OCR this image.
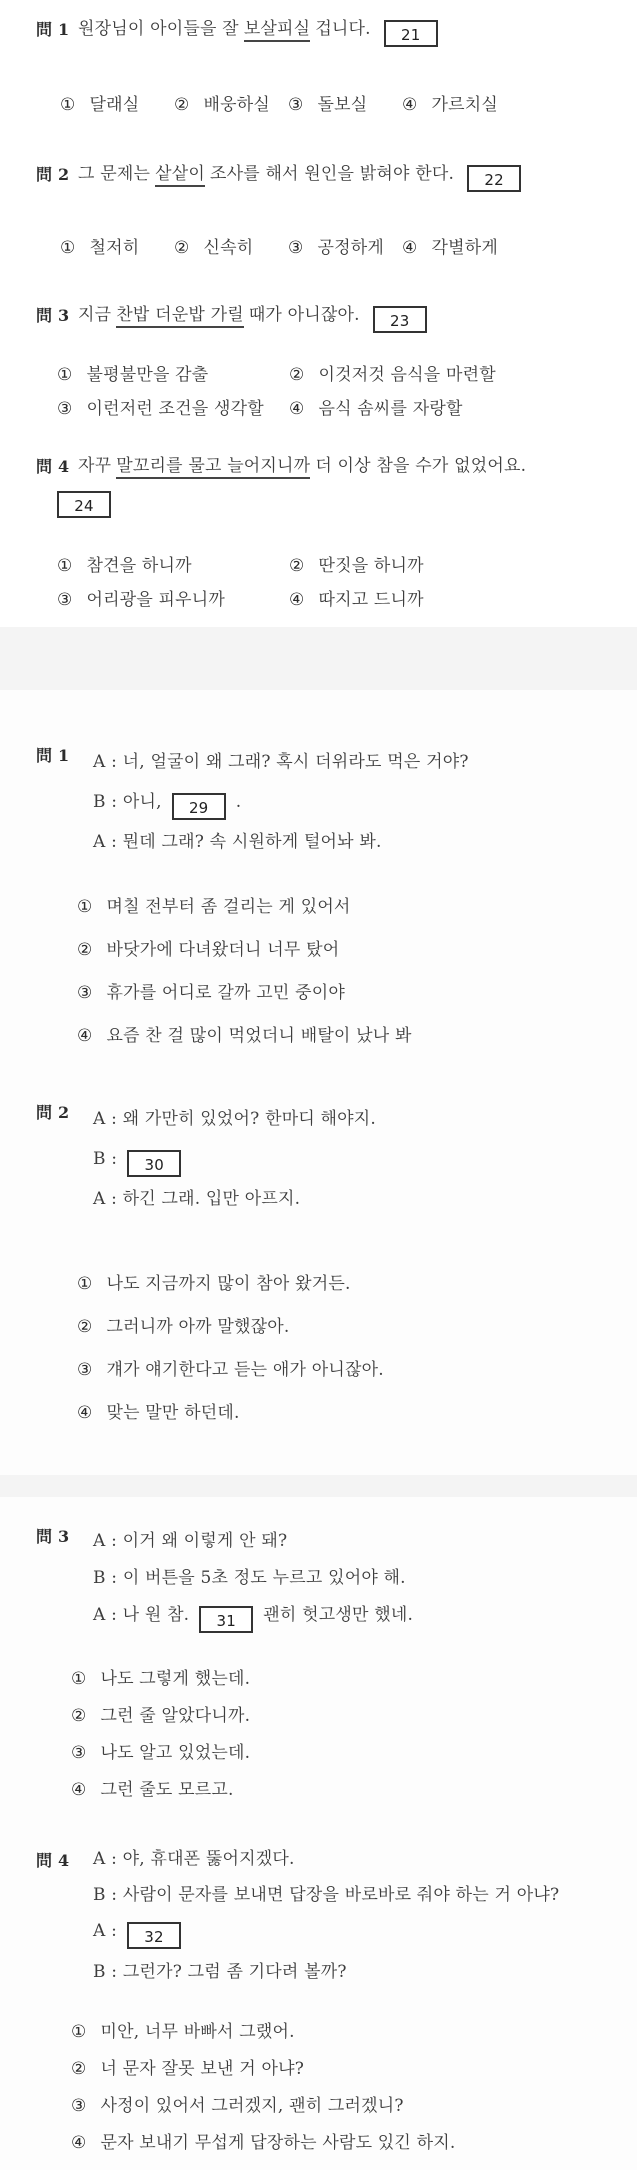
問 1 원장님이 아이들을 잘 보살피실 겁니다. 21
① 달래실	② 배웅하실	③ 돌보실	④ 가르치실
問 2 그 문제는 샅샅이 조사를 해서 원인을 밝혀야 한다. 22
① 철저히	② 신속히	③ 공정하게	④ 각별하게
問 3 지금 찬밥 더운밥 가릴 때가 아니잖아. 23
① 불평불만을 감출	② 이것저것 음식을 마련할
③ 이런저런 조건을 생각할	④ 음식 솜씨를 자랑할
問 4 자꾸 말꼬리를 물고 늘어지니까 더 이상 참을 수가 없었어요.
24
① 참견을 하니까	② 딴짓을 하니까
③ 어리광을 피우니까	④ 따지고 드니까
問 1	A : 너, 얼굴이 왜 그래? 혹시 더위라도 먹은 거야?
B : 아니, 29 .
A : 뭔데 그래? 속 시원하게 털어놔 봐.
① 며칠 전부터 좀 걸리는 게 있어서
② 바닷가에 다녀왔더니 너무 탔어
③ 휴가를 어디로 갈까 고민 중이야
④ 요즘 찬 걸 많이 먹었더니 배탈이 났나 봐
問 2	A : 왜 가만히 있었어? 한마디 해야지.
B : 30
A : 하긴 그래. 입만 아프지.
① 나도 지금까지 많이 참아 왔거든.
② 그러니까 아까 말했잖아.
③ 걔가 얘기한다고 듣는 애가 아니잖아.
④ 맞는 말만 하던데.
問 3	A : 이거 왜 이렇게 안 돼?
B : 이 버튼을 5초 정도 누르고 있어야 해.
A : 나 원 참. 31 괜히 헛고생만 했네.
① 나도 그렇게 했는데.
② 그런 줄 알았다니까.
③ 나도 알고 있었는데.
④ 그런 줄도 모르고.
問 4	A : 야, 휴대폰 뚫어지겠다.
B : 사람이 문자를 보내면 답장을 바로바로 줘야 하는 거 아냐?
A : 32
B : 그런가? 그럼 좀 기다려 볼까?
① 미안, 너무 바빠서 그랬어.
② 너 문자 잘못 보낸 거 아냐?
③ 사정이 있어서 그러겠지, 괜히 그러겠니?
④ 문자 보내기 무섭게 답장하는 사람도 있긴 하지.
